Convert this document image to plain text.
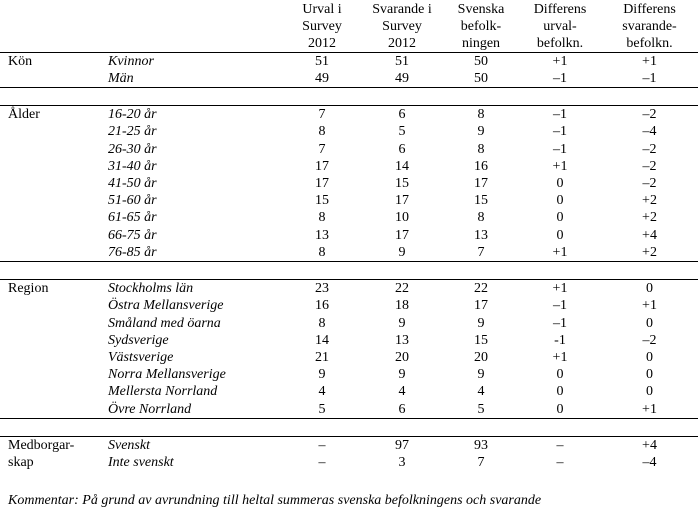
		Urval i
Survey
2012	Svarande i
Survey
2012	Svenska
befolk-
ningen	Differens
urval-
befolkn.	Differens
svarande-
befolkn.
Kön	Kvinnor	51	51	50	+1	+1
	Män	49	49	50	–1	–1

Ålder	16-20 år	7	6	8	–1	–2
	21-25 år	8	5	9	–1	–4
	26-30 år	7	6	8	–1	–2
	31-40 år	17	14	16	+1	–2
	41-50 år	17	15	17	0	–2
	51-60 år	15	17	15	0	+2
	61-65 år	8	10	8	0	+2
	66-75 år	13	17	13	0	+4
	76-85 år	8	9	7	+1	+2

Region	Stockholms län	23	22	22	+1	0
	Östra Mellansverige	16	18	17	–1	+1
	Småland med öarna	8	9	9	–1	0
	Sydsverige	14	13	15	-1	–2
	Västsverige	21	20	20	+1	0
	Norra Mellansverige	9	9	9	0	0
	Mellersta Norrland	4	4	4	0	0
	Övre Norrland	5	6	5	0	+1

Medborgar-
skap	Svenskt	–	97	93	–	+4
	Inte svenskt	–	3	7	–	–4
Kommentar: På grund av avrundning till heltal summeras svenska befolkningens och svarande
